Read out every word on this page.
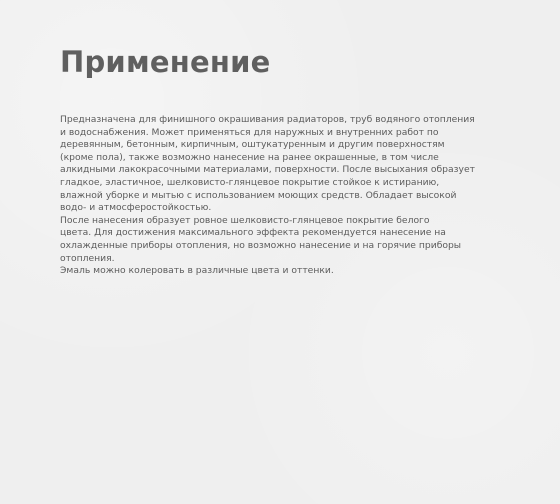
Применение

Предназначена для финишного окрашивания радиаторов, труб водяного отопления
и водоснабжения. Может применяться для наружных и внутренних работ по
деревянным, бетонным, кирпичным, оштукатуренным и другим поверхностям
(кроме пола), также возможно нанесение на ранее окрашенные, в том числе
алкидными лакокрасочными материалами, поверхности. После высыхания образует
гладкое, эластичное, шелковисто-глянцевое покрытие стойкое к истиранию,
влажной уборке и мытью с использованием моющих средств. Обладает высокой
водо- и атмосферостойкостью.

После нанесения образует ровное шелковисто-глянцевое покрытие белого
цвета. Для достижения максимального эффекта рекомендуется нанесение на
охлажденные приборы отопления, но возможно нанесение и на горячие приборы
отопления.

Эмаль можно колеровать в различные цвета и оттенки.
